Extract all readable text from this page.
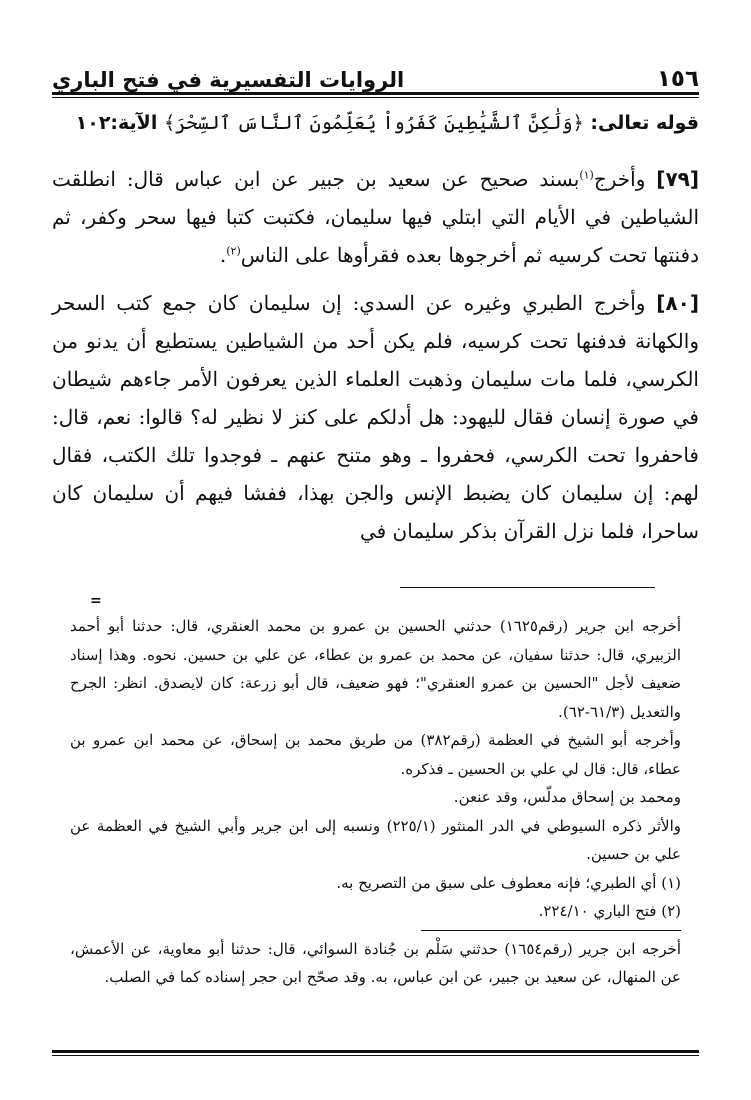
١٥٦
الروايات التفسيرية في فتح الباري
قوله تعالى: ﴿وَلَٰكِنَّ ٱلشَّيَٰطِينَ كَفَرُواْ يُعَلِّمُونَ ٱلنَّاسَ ٱلسِّحْرَ﴾ الآية:١٠٢

[٧٩] وأخرج$^{(١)}$بسند صحيح عن سعيد بن جبير عن ابن عباس قال: انطلقت الشياطين في الأيام التي ابتلي فيها سليمان، فكتبت كتبا فيها سحر وكفر، ثم دفنتها تحت كرسيه ثم أخرجوها بعده فقرأوها على الناس$^{(٢)}$.

[٨٠] وأخرج الطبري وغيره عن السدي: إن سليمان كان جمع كتب السحر والكهانة فدفنها تحت كرسيه، فلم يكن أحد من الشياطين يستطيع أن يدنو من الكرسي، فلما مات سليمان وذهبت العلماء الذين يعرفون الأمر جاءهم شيطان في صورة إنسان فقال لليهود: هل أدلكم على كنز لا نظير له؟ قالوا: نعم، قال: فاحفروا تحت الكرسي، فحفروا ـ وهو متنح عنهم ـ فوجدوا تلك الكتب، فقال لهم: إن سليمان كان يضبط الإنس والجن بهذا، ففشا فيهم أن سليمان كان ساحرا، فلما نزل القرآن بذكر سليمان في

=

أخرجه ابن جرير (رقم١٦٢٥) حدثني الحسين بن عمرو بن محمد العنقري، قال: حدثنا أبو أحمد الزبيري، قال: حدثنا سفيان، عن محمد بن عمرو بن عطاء، عن علي بن حسين. نحوه. وهذا إسناد ضعيف لأجل "الحسين بن عمرو العنقري"؛ فهو ضعيف، قال أبو زرعة: كان لايصدق. انظر: الجرح والتعديل (٦١/٣-٦٢).

وأخرجه أبو الشيخ في العظمة (رقم٣٨٢) من طريق محمد بن إسحاق، عن محمد ابن عمرو بن عطاء، قال: قال لي علي بن الحسين ـ فذكره.

ومحمد بن إسحاق مدلّس، وقد عنعن.

والأثر ذكره السيوطي في الدر المنثور (٢٢٥/١) ونسبه إلى ابن جرير وأبي الشيخ في العظمة عن علي بن حسين.

(١) أي الطبري؛ فإنه معطوف على سبق من التصريح به.

(٢) فتح الباري ٢٢٤/١٠.

أخرجه ابن جرير (رقم١٦٥٤) حدثني سَلْم بن جُنادة السوائي، قال: حدثنا أبو معاوية، عن الأعمش، عن المنهال، عن سعيد بن جبير، عن ابن عباس، به. وقد صحّح ابن حجر إسناده كما في الصلب.
